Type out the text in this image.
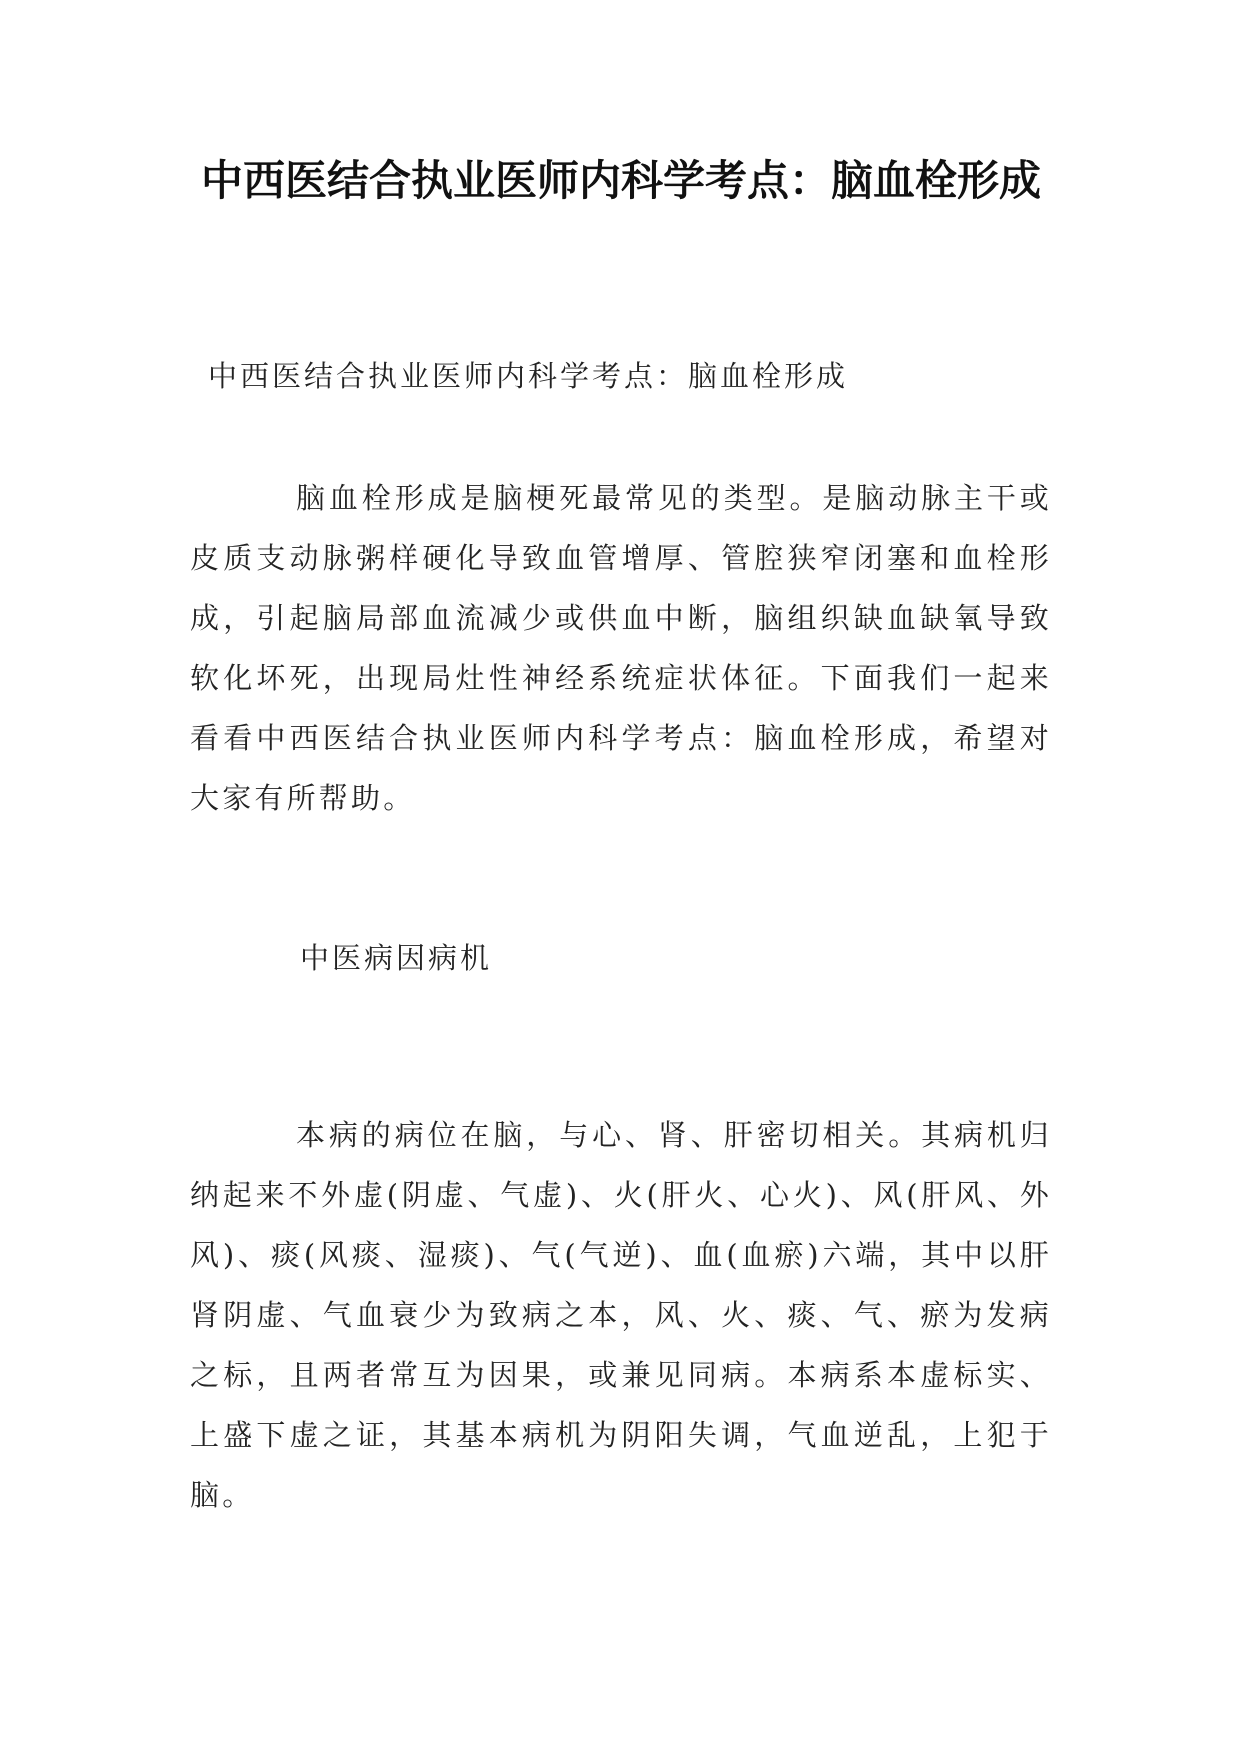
中西医结合执业医师内科学考点：脑血栓形成

中西医结合执业医师内科学考点：脑血栓形成

脑血栓形成是脑梗死最常见的类型。是脑动脉主干或皮质支动脉粥样硬化导致血管增厚、管腔狭窄闭塞和血栓形成，引起脑局部血流减少或供血中断，脑组织缺血缺氧导致软化坏死，出现局灶性神经系统症状体征。下面我们一起来看看中西医结合执业医师内科学考点：脑血栓形成，希望对大家有所帮助。

中医病因病机

本病的病位在脑，与心、肾、肝密切相关。其病机归纳起来不外虚(阴虚、气虚)、火(肝火、心火)、风(肝风、外风)、痰(风痰、湿痰)、气(气逆)、血(血瘀)六端，其中以肝肾阴虚、气血衰少为致病之本，风、火、痰、气、瘀为发病之标，且两者常互为因果，或兼见同病。本病系本虚标实、上盛下虚之证，其基本病机为阴阳失调，气血逆乱，上犯于脑。
